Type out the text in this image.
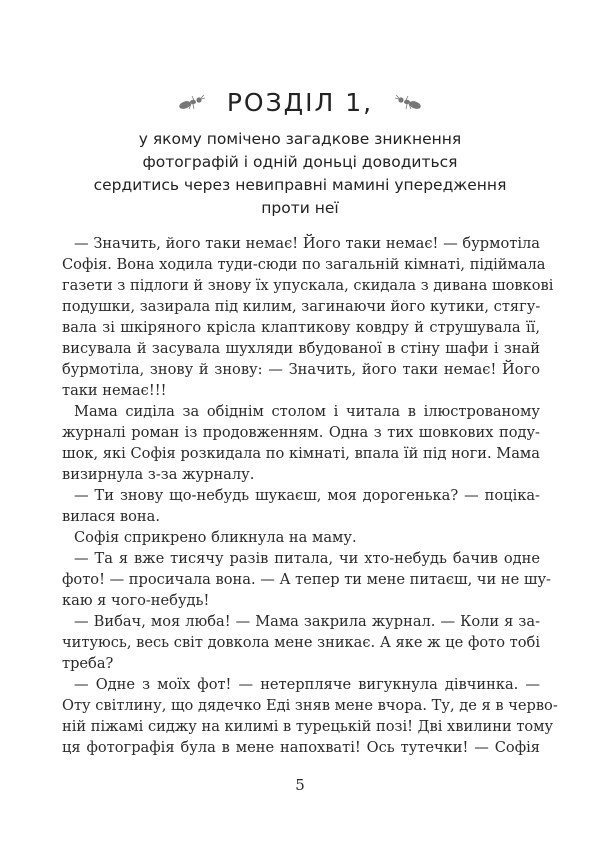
РОЗДІЛ 1,
у якому помічено загадкове зникнення
фотографій і одній доньці доводиться
сердитись через невиправні мамині упередження
проти неї
— Значить, його таки немає! Його таки немає! — бурмотіла
Софія. Вона ходила туди-сюди по загальній кімнаті, підіймала
газети з підлоги й знову їх упускала, скидала з дивана шовкові
подушки, зазирала під килим, загинаючи його кутики, стягу-
вала зі шкіряного крісла клаптикову ковдру й струшувала її,
висувала й засувала шухляди вбудованої в стіну шафи і знай
бурмотіла, знову й знову: — Значить, його таки немає! Його
таки немає!!!
Мама сиділа за обіднім столом і читала в ілюстрованому
журналі роман із продовженням. Одна з тих шовкових поду-
шок, які Софія розкидала по кімнаті, впала їй під ноги. Мама
визирнула з-за журналу.
— Ти знову що-небудь шукаєш, моя дорогенька? — поціка-
вилася вона.
Софія сприкрено бликнула на маму.
— Та я вже тисячу разів питала, чи хто-небудь бачив одне
фото! — просичала вона. — А тепер ти мене питаєш, чи не шу-
каю я чого-небудь!
— Вибач, моя люба! — Мама закрила журнал. — Коли я за-
читуюсь, весь світ довкола мене зникає. А яке ж це фото тобі
треба?
— Одне з моїх фот! — нетерпляче вигукнула дівчинка. —
Оту світлину, що дядечко Еді зняв мене вчора. Ту, де я в черво-
ній піжамі сиджу на килимі в турецькій позі! Дві хвилини тому
ця фотографія була в мене напохваті! Ось тутечки! — Софія
5
